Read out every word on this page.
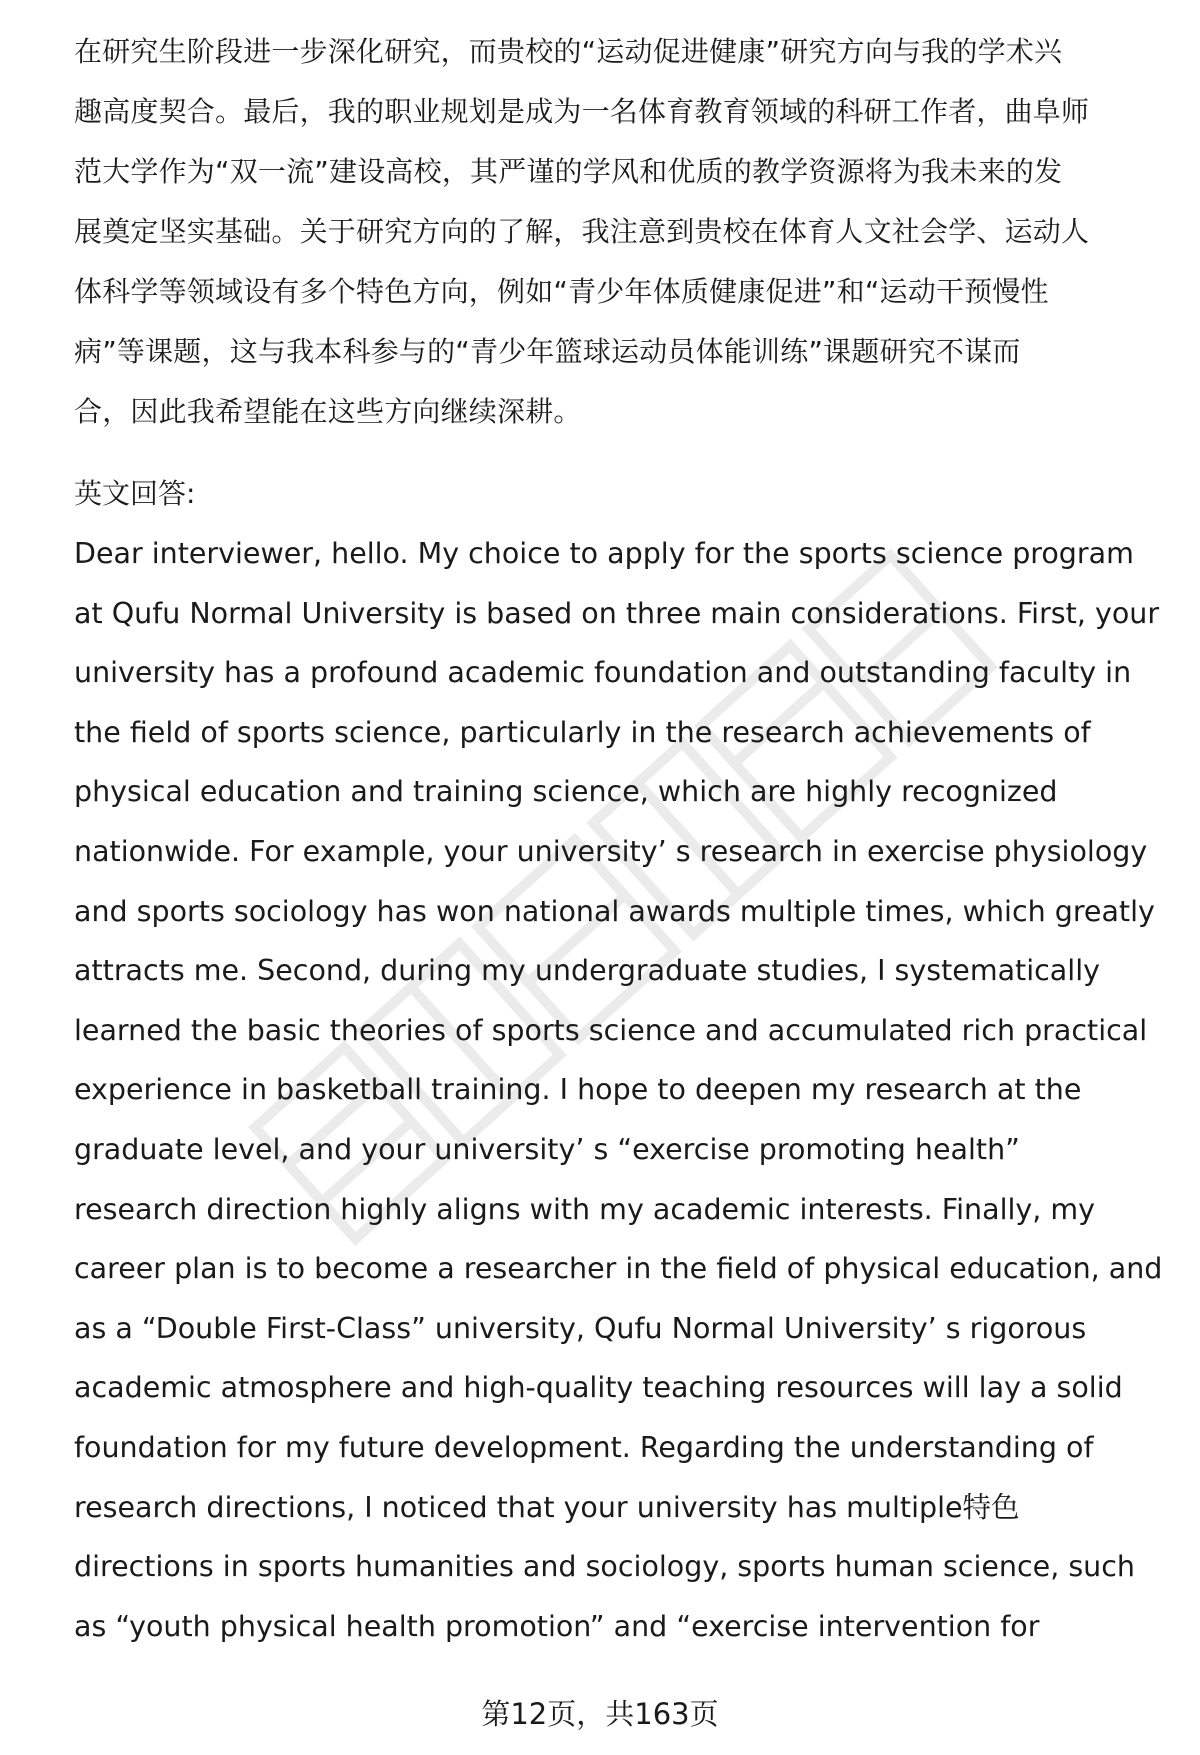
在研究生阶段进一步深化研究，而贵校的“运动促进健康”研究方向与我的学术兴
趣高度契合。最后，我的职业规划是成为一名体育教育领域的科研工作者，曲阜师
范大学作为“双一流”建设高校，其严谨的学风和优质的教学资源将为我未来的发
展奠定坚实基础。关于研究方向的了解，我注意到贵校在体育人文社会学、运动人
体科学等领域设有多个特色方向，例如“青少年体质健康促进”和“运动干预慢性
病”等课题，这与我本科参与的“青少年篮球运动员体能训练”课题研究不谋而
合，因此我希望能在这些方向继续深耕。

英文回答:

Dear interviewer, hello. My choice to apply for the sports science program
at Qufu Normal University is based on three main considerations. First, your
university has a profound academic foundation and outstanding faculty in
the field of sports science, particularly in the research achievements of
physical education and training science, which are highly recognized
nationwide. For example, your university’ s research in exercise physiology
and sports sociology has won national awards multiple times, which greatly
attracts me. Second, during my undergraduate studies, I systematically
learned the basic theories of sports science and accumulated rich practical
experience in basketball training. I hope to deepen my research at the
graduate level, and your university’ s “exercise promoting health”
research direction highly aligns with my academic interests. Finally, my
career plan is to become a researcher in the field of physical education, and
as a “Double First-Class” university, Qufu Normal University’ s rigorous
academic atmosphere and high-quality teaching resources will lay a solid
foundation for my future development. Regarding the understanding of
research directions, I noticed that your university has multiple特色
directions in sports humanities and sociology, sports human science, such
as “youth physical health promotion” and “exercise intervention for

第12页，共163页
